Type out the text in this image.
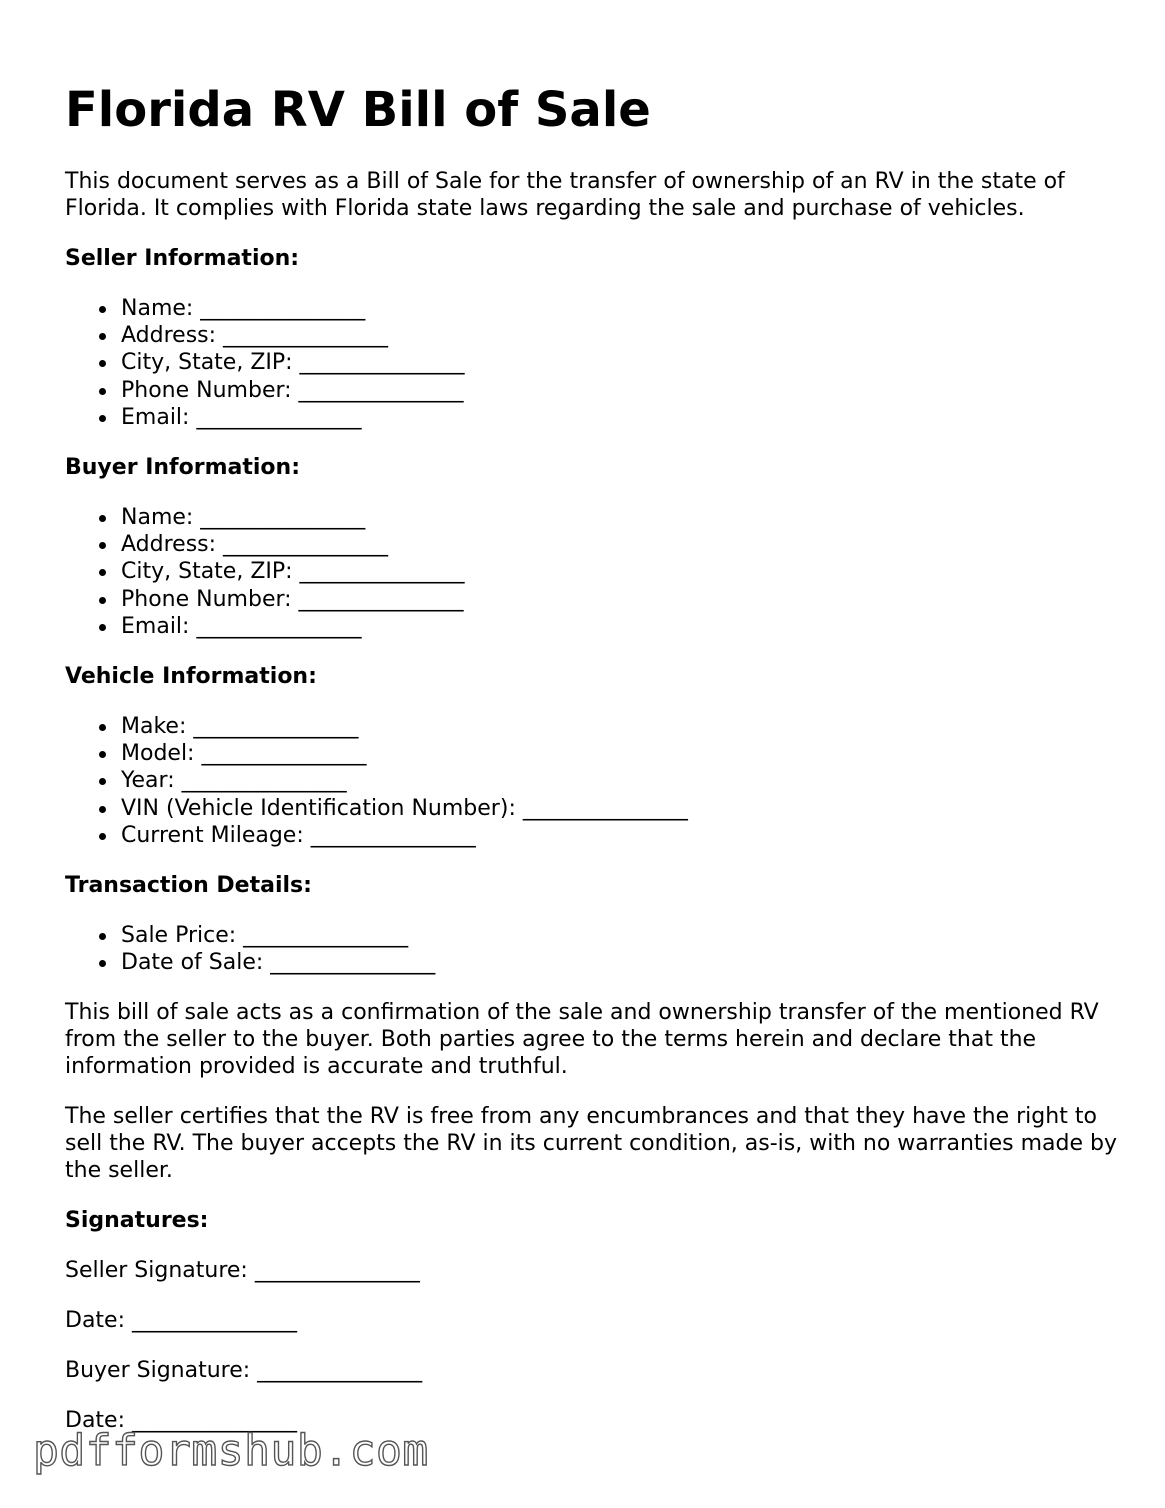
Florida RV Bill of Sale

This document serves as a Bill of Sale for the transfer of ownership of an RV in the state of Florida. It complies with Florida state laws regarding the sale and purchase of vehicles.

Seller Information:
Name: _______________
Address: _______________
City, State, ZIP: _______________
Phone Number: _______________
Email: _______________
Buyer Information:
Name: _______________
Address: _______________
City, State, ZIP: _______________
Phone Number: _______________
Email: _______________
Vehicle Information:
Make: _______________
Model: _______________
Year: _______________
VIN (Vehicle Identification Number): _______________
Current Mileage: _______________
Transaction Details:
Sale Price: _______________
Date of Sale: _______________

This bill of sale acts as a confirmation of the sale and ownership transfer of the mentioned RV from the seller to the buyer. Both parties agree to the terms herein and declare that the information provided is accurate and truthful.

The seller certifies that the RV is free from any encumbrances and that they have the right to sell the RV. The buyer accepts the RV in its current condition, as-is, with no warranties made by the seller.

Signatures:

Seller Signature: _______________

Date: _______________

Buyer Signature: _______________

Date: _______________

pdfformshub.com
